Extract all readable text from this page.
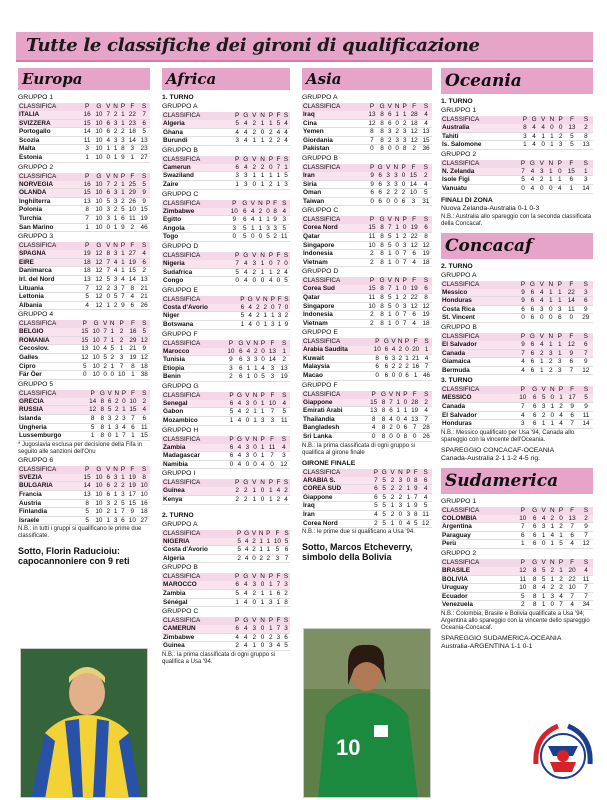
Tutte le classifiche dei gironi di qualificazione
Europa
GRUPPO 1
CLASSIFICA	P	G	V	N	P	F	S
ITALIA	16	10	7	2	1	22	7
SVIZZERA	15	10	6	3	1	23	6
Portogallo	14	10	6	2	2	18	5
Scozia	11	10	4	3	3	14	13
Malta	3	10	1	1	8	3	23
Estonia	1	10	0	1	9	1	27
GRUPPO 2
CLASSIFICA	P	G	V	N	P	F	S
NORVEGIA	16	10	7	2	1	25	5
OLANDA	15	10	6	3	1	29	9
Inghilterra	13	10	5	3	2	26	9
Polonia	8	10	3	2	5	10	15
Turchia	7	10	3	1	6	11	19
San Marino	1	10	0	1	9	2	46
GRUPPO 3
CLASSIFICA	P	G	V	N	P	F	S
SPAGNA	19	12	8	3	1	27	4
EIRE	18	12	7	4	1	19	6
Danimarca	18	12	7	4	1	15	2
Irl. del Nord	13	12	5	3	4	14	13
Lituania	7	12	2	3	7	8	21
Lettonia	5	12	0	5	7	4	21
Albania	4	12	1	2	9	6	26
GRUPPO 4
CLASSIFICA	P	G	V	N	P	F	S
BELGIO	15	10	7	1	2	16	5
ROMANIA	15	10	7	1	2	29	12
Cecoslov.	13	10	4	5	1	21	9
Galles	12	10	5	2	3	19	12
Cipro	5	10	2	1	7	8	18
Fär Öer	0	10	0	0	10	1	38
GRUPPO 5
CLASSIFICA	P	G	V	N	P	F	S
GRECIA	14	8	6	2	0	10	2
RUSSIA	12	8	5	2	1	15	4
Islanda	8	8	3	2	3	7	6
Ungheria	5	8	1	3	4	6	11
Lussemburgo	1	8	0	1	7	1	15
* Jugoslavia esclusa per decisione della Fifa in seguito alle sanzioni dell'Onu
GRUPPO 6
CLASSIFICA	P	G	V	N	P	F	S
SVEZIA	15	10	6	3	1	19	8
BULGARIA	14	10	6	2	2	19	10
Francia	13	10	6	1	3	17	10
Austria	8	10	3	2	5	15	16
Finlandia	5	10	2	1	7	9	18
Israele	5	10	1	3	6	10	27
N.B.: in tutti i gruppi si qualificano le prime due classificate.
Sotto, Florin Raducioiu: capocannoniere con 9 reti
Africa
1. TURNO
GRUPPO A
CLASSIFICA	P	G	V	N	P	F	S
Algeria	5	4	2	1	1	5	4
Ghana	4	4	2	0	2	4	4
Burundi	3	4	1	1	2	2	4
GRUPPO B
CLASSIFICA	P	G	V	N	P	F	S
Camerun	6	4	2	2	0	7	1
Swaziland	3	3	1	1	1	1	5
Zaire	1	3	0	1	2	1	3
GRUPPO C
CLASSIFICA	P	G	V	N	P	F	S
Zimbabwe	10	6	4	2	0	8	4
Egitto	9	6	4	1	1	9	3
Angola	3	5	1	1	3	3	5
Togo	0	5	0	0	5	2	11
GRUPPO D
CLASSIFICA	P	G	V	N	P	F	S
Nigeria	7	4	3	1	0	7	0
Sudafrica	5	4	2	1	1	2	4
Congo	0	4	0	0	4	0	5
GRUPPO E
CLASSIFICA	P	G	V	N	P	F	S
Costa d'Avorio	6	4	2	2	0	7	0
Niger	5	4	2	1	1	3	2
Botswana	1	4	0	1	3	1	9
GRUPPO F
CLASSIFICA	P	G	V	N	P	F	S
Marocco	10	6	4	2	0	13	1
Tunisia	9	6	3	3	0	14	2
Etiopia	3	6	1	1	4	3	13
Benin	2	6	1	0	5	3	19
GRUPPO G
CLASSIFICA	P	G	V	N	P	F	S
Senegal	6	4	3	0	1	10	4
Gabon	5	4	2	1	1	7	5
Mozambico	1	4	0	1	3	3	11
GRUPPO H
CLASSIFICA	P	G	V	N	P	F	S
Zambia	6	4	3	0	1	11	4
Madagascar	6	4	3	0	1	7	3
Namibia	0	4	0	0	4	0	12
GRUPPO I
CLASSIFICA	P	G	V	N	P	F	S
Guinea	2	2	1	0	1	4	2
Kenya	2	2	1	0	1	2	4
2. TURNO
GRUPPO A
CLASSIFICA	P	G	V	N	P	F	S
NIGERIA	5	4	2	1	1	10	5
Costa d'Avorio	5	4	2	1	1	5	6
Algeria	2	4	0	2	2	3	7
GRUPPO B
CLASSIFICA	P	G	V	N	P	F	S
MAROCCO	6	4	3	0	1	7	3
Zambia	5	4	2	1	1	6	2
Sénégal	1	4	0	1	3	1	8
GRUPPO C
CLASSIFICA	P	G	V	N	P	F	S
CAMERUN	6	4	3	0	1	7	3
Zimbabwe	4	4	2	0	2	3	6
Guinea	2	4	1	0	3	4	5
N.B.: la prima classificata di ogni gruppo si qualifica a Usa '94.
Asia
GRUPPO A
CLASSIFICA	P	G	V	N	P	F	S
Iraq	13	8	6	1	1	28	4
Cina	12	8	6	0	2	18	4
Yemen	8	8	3	2	3	12	13
Giordania	7	8	2	3	3	12	15
Pakistan	0	8	0	0	8	2	36
GRUPPO B
CLASSIFICA	P	G	V	N	P	F	S
Iran	9	6	3	3	0	15	2
Siria	9	6	3	3	0	14	4
Oman	6	6	2	2	2	10	5
Taiwan	0	6	0	0	6	3	31
GRUPPO C
CLASSIFICA	P	G	V	N	P	F	S
Corea Nord	15	8	7	1	0	19	6
Qatar	11	8	5	1	2	22	8
Singapore	10	8	5	0	3	12	12
Indonesia	2	8	1	0	7	6	19
Vietnam	2	8	1	0	7	4	18
GRUPPO D
CLASSIFICA	P	G	V	N	P	F	S
Corea Sud	15	8	7	1	0	19	6
Qatar	11	8	5	1	2	22	8
Singapore	10	8	5	0	3	12	12
Indonesia	2	8	1	0	7	6	19
Vietnam	2	8	1	0	7	4	18
GRUPPO E
CLASSIFICA	P	G	V	N	P	F	S
Arabia Saudita	10	6	4	2	0	20	1
Kuwait	8	6	3	2	1	21	4
Malaysia	6	6	2	2	2	16	7
Macao	0	6	0	0	6	1	46
GRUPPO F
CLASSIFICA	P	G	V	N	P	F	S
Giappone	15	8	7	1	0	28	2
Emirati Arabi	13	8	6	1	1	19	4
Thailandia	8	8	4	0	4	13	7
Bangladesh	4	8	2	0	6	7	28
Sri Lanka	0	8	0	0	8	0	26
N.B.: la prima classificata di ogni gruppo si qualifica al girone finale
GIRONE FINALE
CLASSIFICA	P	G	V	N	P	F	S
ARABIA S.	7	5	2	3	0	8	6
COREA SUD	6	5	2	2	1	9	4
Giappone	6	5	2	2	1	7	4
Iraq	5	5	1	3	1	9	5
Iran	4	5	2	0	3	8	11
Corea Nord	2	5	1	0	4	5	12
N.B.: le prime due si qualificano a Usa '94.
Sotto, Marcos Etcheverry, simbolo della Bolivia
10
Oceania
1. TURNO
GRUPPO 1
CLASSIFICA	P	G	V	N	P	F	S
Australia	8	4	4	0	0	13	2
Tahiti	3	4	1	1	2	5	8
Is. Salomone	1	4	0	1	3	5	13
GRUPPO 2
CLASSIFICA	P	G	V	N	P	F	S
N. Zelanda	7	4	3	1	0	15	1
Isole Figi	5	4	2	1	1	6	3
Vanuatu	0	4	0	0	4	1	14
FINALI DI ZONA
Nuova Zelanda-Australia 0-1 0-3
N.B.: Australia allo spareggio con la seconda classificata della Concacaf.
Concacaf
2. TURNO
GRUPPO A
CLASSIFICA	P	G	V	N	P	F	S
Messico	9	6	4	1	1	22	3
Honduras	9	6	4	1	1	14	6
Costa Rica	6	6	3	0	3	11	9
St. Vincent	0	6	0	0	6	0	29
GRUPPO B
CLASSIFICA	P	G	V	N	P	F	S
El Salvador	9	6	4	1	1	12	6
Canada	7	6	2	3	1	9	7
Giamaica	4	6	1	2	3	6	9
Bermuda	4	6	1	2	3	7	12
3. TURNO
CLASSIFICA	P	G	V	N	P	F	S
MESSICO	10	6	5	0	1	17	5
Canada	7	6	3	1	2	9	9
El Salvador	4	6	2	0	4	6	11
Honduras	3	6	1	1	4	7	14
N.B.: Messico qualificato per Usa '94, Canada allo spareggio con la vincente dell'Oceania.
SPAREGGIO CONCACAF-OCEANIA
Canada-Australia 2-1 1-2 4-5 rig.
Sudamerica
GRUPPO 1
CLASSIFICA	P	G	V	N	P	F	S
COLOMBIA	10	6	4	2	0	13	2
Argentina	7	6	3	1	2	7	9
Paraguay	6	6	1	4	1	6	7
Perù	1	6	0	1	5	4	12
GRUPPO 2
CLASSIFICA	P	G	V	N	P	F	S
BRASILE	12	8	5	2	1	20	4
BOLIVIA	11	8	5	1	2	22	11
Uruguay	10	8	4	2	2	10	7
Ecuador	5	8	1	3	4	7	7
Venezuela	2	8	1	0	7	4	34
N.B.: Colombia, Brasile e Bolivia qualificate a Usa '94; Argentina allo spareggio con la vincente dello spareggio Oceania-Concacaf.
SPAREGGIO SUDAMERICA-OCEANIA
Australia-ARGENTINA 1-1 0-1
